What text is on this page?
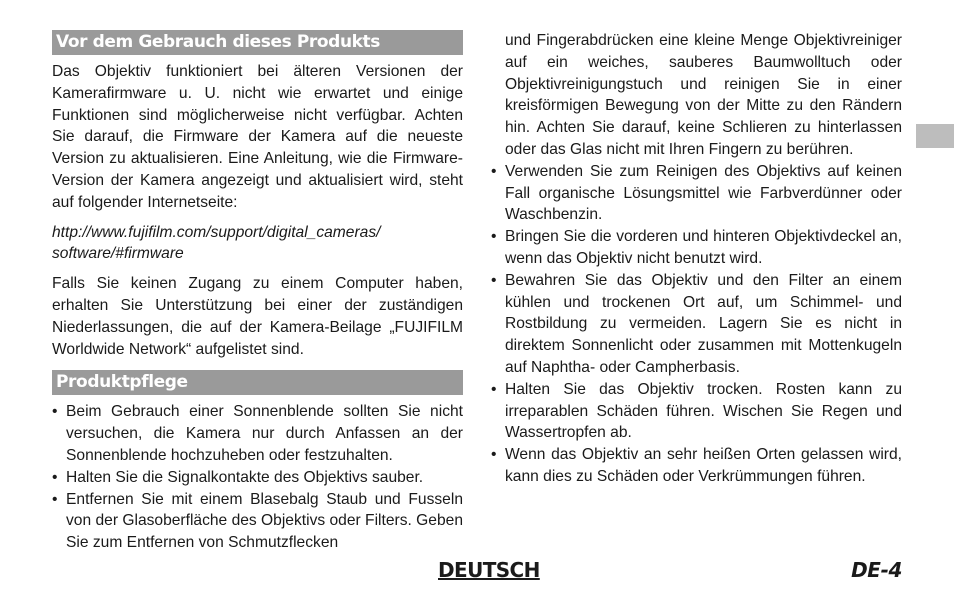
Vor dem Gebrauch dieses Produkts

Das Objektiv funktioniert bei älteren Versionen der Kamerafirmware u. U. nicht wie erwartet und einige Funktionen sind möglicherweise nicht verfügbar. Achten Sie darauf, die Firmware der Kamera auf die neueste Version zu aktualisieren. Eine Anleitung, wie die Firmware-Version der Kamera angezeigt und aktualisiert wird, steht auf folgender Internetseite:

http://www.fujifilm.com/support/digital_cameras/ software/#firmware

Falls Sie keinen Zugang zu einem Computer haben, erhalten Sie Unterstützung bei einer der zuständigen Niederlassungen, die auf der Kamera-Beilage „FUJIFILM Worldwide Network“ aufgelistet sind.

Produktpflege
• Beim Gebrauch einer Sonnenblende sollten Sie nicht versuchen, die Kamera nur durch Anfassen an der Sonnenblende hochzuheben oder festzuhalten.
• Halten Sie die Signalkontakte des Objektivs sauber.
• Entfernen Sie mit einem Blasebalg Staub und Fusseln von der Glasoberfläche des Objektivs oder Filters. Geben Sie zum Entfernen von Schmutzflecken

und Fingerabdrücken eine kleine Menge Objektivreiniger auf ein weiches, sauberes Baumwolltuch oder Objektivreinigungstuch und reinigen Sie in einer kreisförmigen Bewegung von der Mitte zu den Rändern hin. Achten Sie darauf, keine Schlieren zu hinterlassen oder das Glas nicht mit Ihren Fingern zu berühren.

• Verwenden Sie zum Reinigen des Objektivs auf keinen Fall organische Lösungsmittel wie Farbverdünner oder Waschbenzin.
• Bringen Sie die vorderen und hinteren Objektivdeckel an, wenn das Objektiv nicht benutzt wird.
• Bewahren Sie das Objektiv und den Filter an einem kühlen und trockenen Ort auf, um Schimmel- und Rostbildung zu vermeiden. Lagern Sie es nicht in direktem Sonnenlicht oder zusammen mit Mottenkugeln auf Naphtha- oder Campherbasis.
• Halten Sie das Objektiv trocken. Rosten kann zu irreparablen Schäden führen. Wischen Sie Regen und Wassertropfen ab.
• Wenn das Objektiv an sehr heißen Orten gelassen wird, kann dies zu Schäden oder Verkrümmungen führen.
DEUTSCH	DE-4
